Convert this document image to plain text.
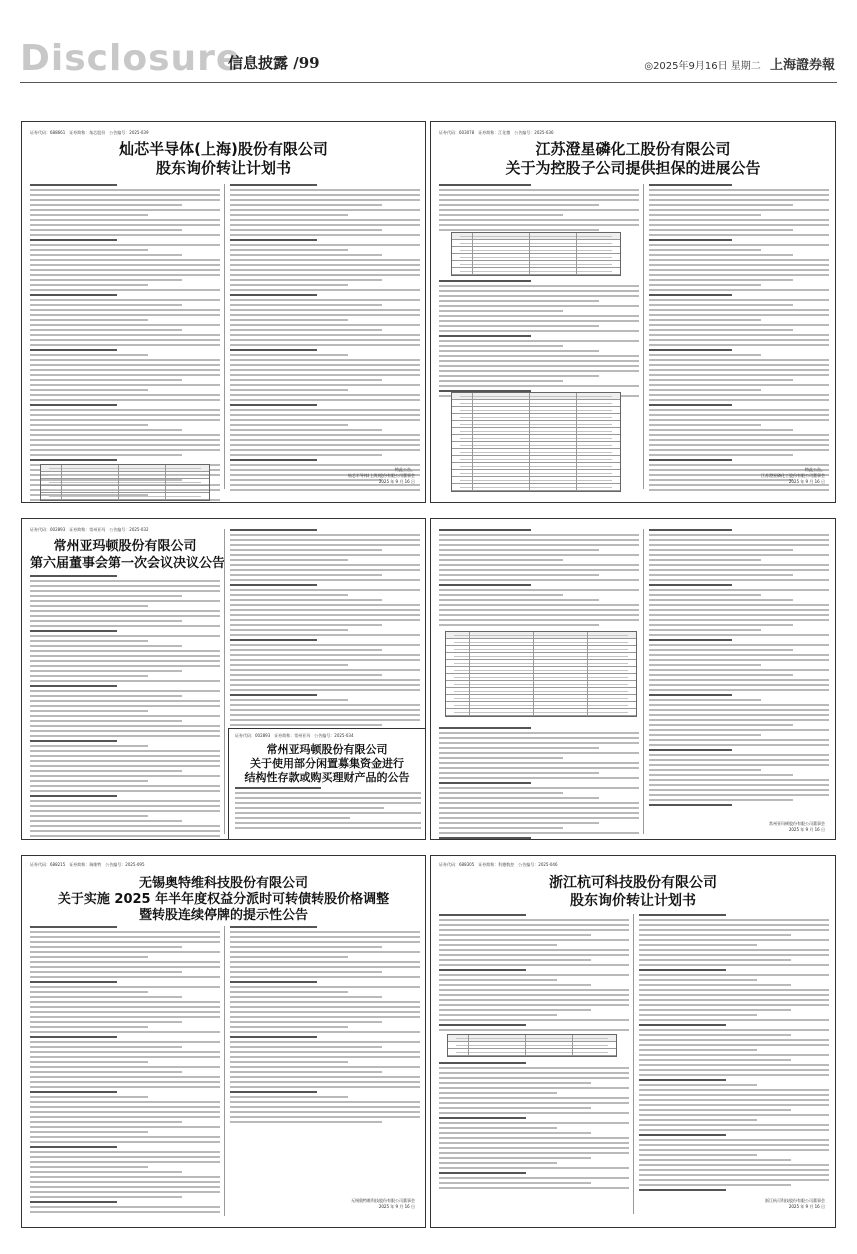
Disclosure
信息披露 /99	◎2025年9月16日 星期二 上海證券報
证券代码：688661　证券简称：灿芯股份　公告编号：2025-039
灿芯半导体(上海)股份有限公司
股东询价转让计划书
特此公告。
灿芯半导体(上海)股份有限公司董事会
2025 年 9 月 16 日
证券代码：603078　证券简称：江化微　公告编号：2025-036
江苏澄星磷化工股份有限公司
关于为控股子公司提供担保的进展公告
特此公告。
江苏澄星磷化工股份有限公司董事会
2025 年 9 月 16 日
证券代码：002893　证券简称：常州亚玛　公告编号：2025-032
常州亚玛顿股份有限公司
第六届董事会第一次会议决议公告
证券代码：002893　证券简称：常州亚玛　公告编号：2025-034
常州亚玛顿股份有限公司
关于使用部分闲置募集资金进行
结构性存款或购买理财产品的公告
常州亚玛顿股份有限公司董事会
2025 年 9 月 16 日
证券代码：688215　证券简称：瑞维特　公告编号：2025-095
无锡奥特维科技股份有限公司
关于实施 2025 年半年度权益分派时可转债转股价格调整
暨转股连续停牌的提示性公告
无锡奥特维科技股份有限公司董事会
2025 年 9 月 16 日
证券代码：688305　证券简称：科德数控　公告编号：2025-046
浙江杭可科技股份有限公司
股东询价转让计划书
浙江杭可科技股份有限公司董事会
2025 年 9 月 16 日
